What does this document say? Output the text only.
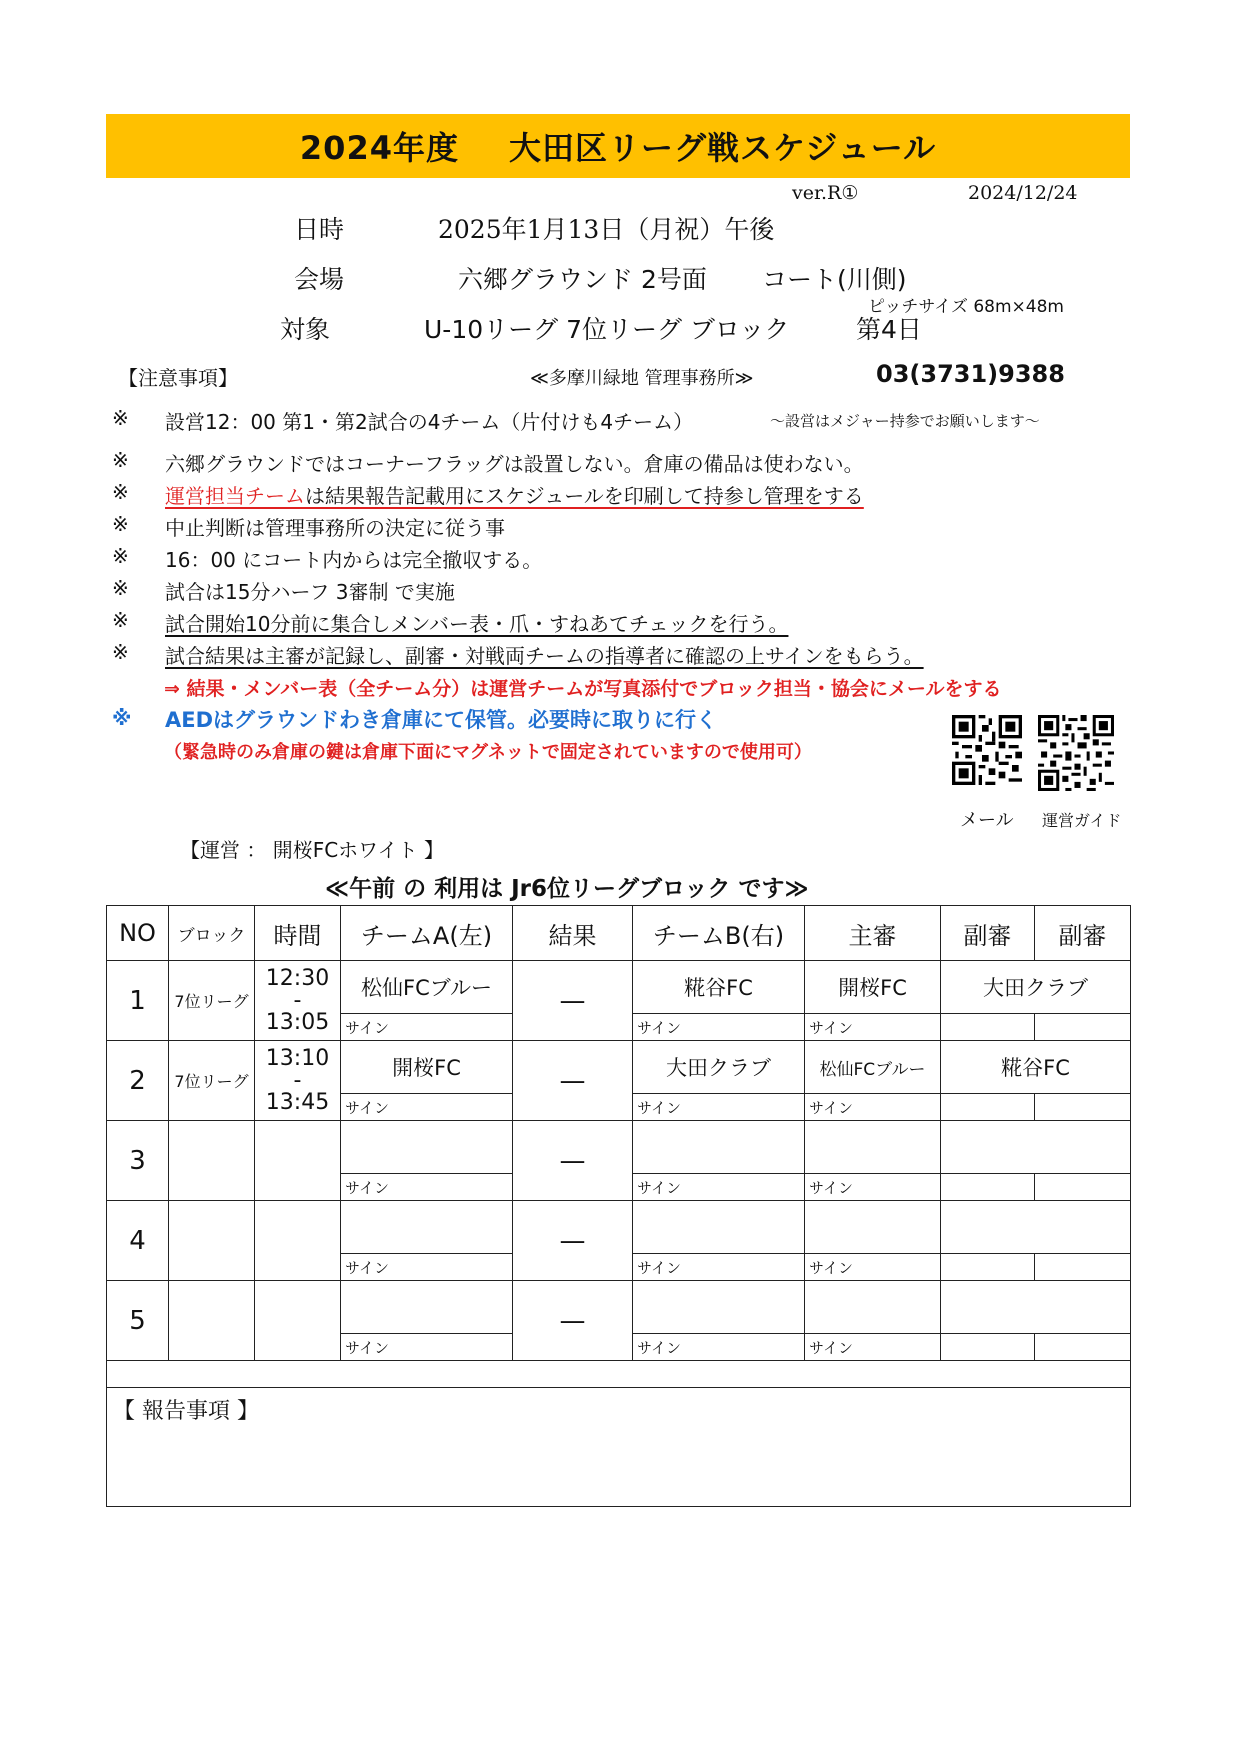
2024年度 大田区リーグ戦スケジュール
ver.R①	2024/12/24
日時	2025年1月13日（月祝）午後
会場	六郷グラウンド 2号面 コート(川側)
ピッチサイズ 68m×48m
対象	U-10リーグ 7位リーグ ブロック	第4日
【注意事項】	≪多摩川緑地 管理事務所≫	03(3731)9388
※ 設営12：00 第1・第2試合の4チーム（片付けも4チーム）	～設営はメジャー持参でお願いします～
※ 六郷グラウンドではコーナーフラッグは設置しない。倉庫の備品は使わない。
※ 運営担当チームは結果報告記載用にスケジュールを印刷して持参し管理をする
※ 中止判断は管理事務所の決定に従う事
※ 16：00 にコート内からは完全撤収する。
※ 試合は15分ハーフ 3審制 で実施
※ 試合開始10分前に集合しメンバー表・爪・すねあてチェックを行う。
※ 試合結果は主審が記録し、副審・対戦両チームの指導者に確認の上サインをもらう。
⇒ 結果・メンバー表（全チーム分）は運営チームが写真添付でブロック担当・協会にメールをする
※ AEDはグラウンドわき倉庫にて保管。必要時に取りに行く
（緊急時のみ倉庫の鍵は倉庫下面にマグネットで固定されていますので使用可）
メール 運営ガイド
【運営 ： 開桜FCホワイト 】
≪午前 の 利用は Jr6位リーグブロック です≫
NO	ブロック	時間	チームA(左)	結果	チームB(右)	主審	副審	副審
1	7位リーグ	12:30
-
13:05	松仙FCブルー	—	糀谷FC	開桜FC	大田クラブ	
			サイン		サイン	サイン		
2	7位リーグ	13:10
-
13:45	開桜FC	—	大田クラブ	松仙FCブルー	糀谷FC	
			サイン		サイン	サイン		
3				—				
			サイン		サイン	サイン		
4				—				
			サイン		サイン	サイン		
5				—				
			サイン		サイン	サイン		

【 報告事項 】								
